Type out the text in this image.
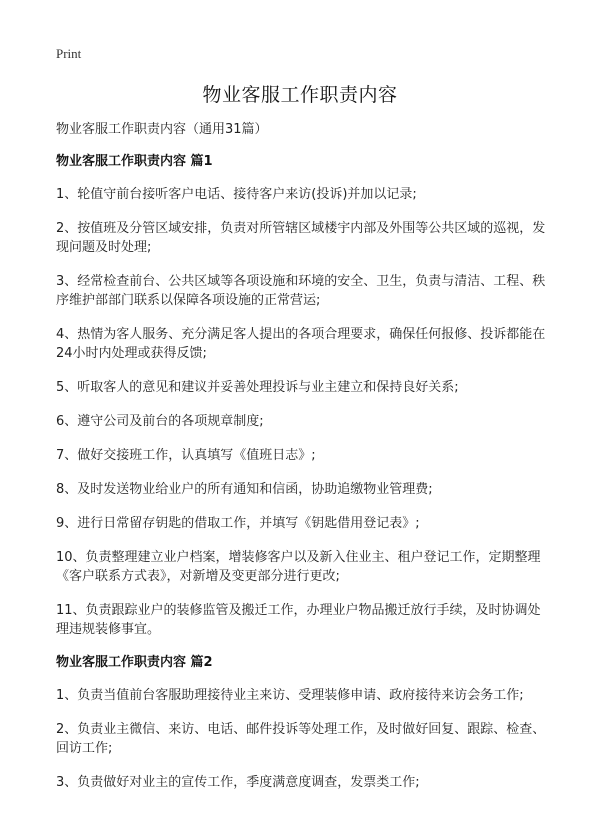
Print
物业客服工作职责内容

物业客服工作职责内容（通用31篇）

物业客服工作职责内容 篇1

1、轮值守前台接听客户电话、接待客户来访(投诉)并加以记录;

2、按值班及分管区域安排，负责对所管辖区域楼宇内部及外围等公共区域的巡视，发现问题及时处理;

3、经常检查前台、公共区域等各项设施和环境的安全、卫生，负责与清洁、工程、秩序维护部部门联系以保障各项设施的正常营运;

4、热情为客人服务、充分满足客人提出的各项合理要求，确保任何报修、投诉都能在24小时内处理或获得反馈;

5、听取客人的意见和建议并妥善处理投诉与业主建立和保持良好关系;

6、遵守公司及前台的各项规章制度;

7、做好交接班工作，认真填写《值班日志》;

8、及时发送物业给业户的所有通知和信函，协助追缴物业管理费;

9、进行日常留存钥匙的借取工作，并填写《钥匙借用登记表》;

10、负责整理建立业户档案，增装修客户以及新入住业主、租户登记工作，定期整理《客户联系方式表》，对新增及变更部分进行更改;

11、负责跟踪业户的装修监管及搬迁工作，办理业户物品搬迁放行手续，及时协调处理违规装修事宜。

物业客服工作职责内容 篇2

1、负责当值前台客服助理接待业主来访、受理装修申请、政府接待来访会务工作;

2、负责业主微信、来访、电话、邮件投诉等处理工作，及时做好回复、跟踪、检查、回访工作;

3、负责做好对业主的宣传工作，季度满意度调查，发票类工作;
